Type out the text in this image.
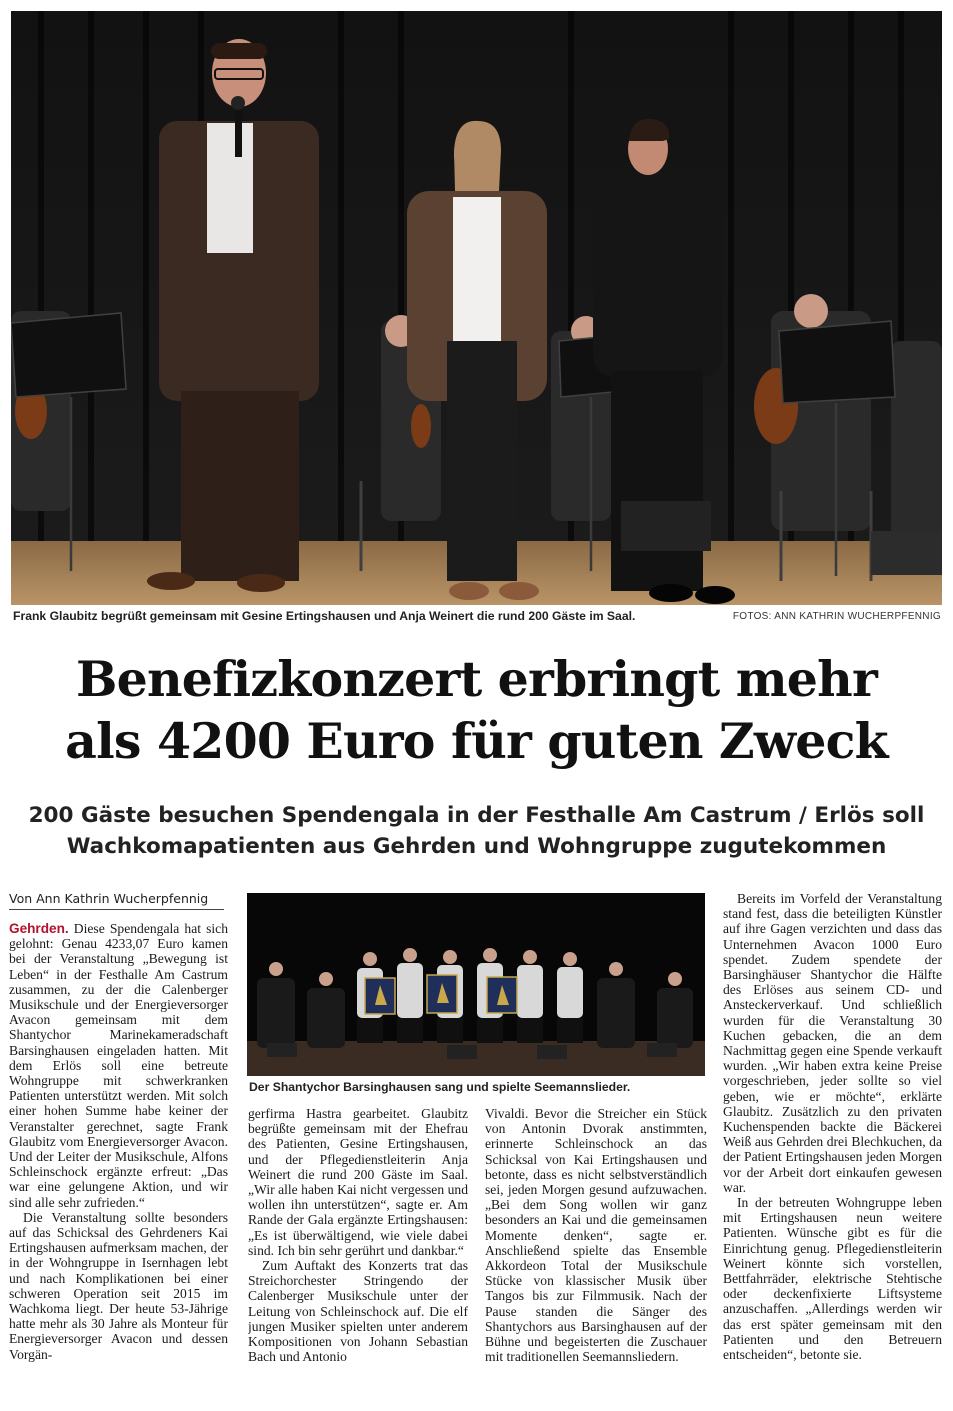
Frank Glaubitz begrüßt gemeinsam mit Gesine Ertingshausen und Anja Weinert die rund 200 Gäste im Saal.	FOTOS: ANN KATHRIN WUCHERPFENNIG
Benefizkonzert erbringt mehr
als 4200 Euro für guten Zweck
200 Gäste besuchen Spendengala in der Festhalle Am Castrum / Erlös soll
Wachkomapatienten aus Gehrden und Wohngruppe zugutekommen
Von Ann Kathrin Wucherpfennig

Gehrden. Diese Spendengala hat sich gelohnt: Genau 4233,07 Euro kamen bei der Veranstaltung „Bewegung ist Leben“ in der Festhalle Am Castrum zusammen, zu der die Calenberger Musikschule und der Energieversorger Avacon gemeinsam mit dem Shantychor Marinekameradschaft Barsinghausen eingeladen hatten. Mit dem Erlös soll eine betreute Wohngruppe mit schwerkranken Patienten unterstützt werden. Mit solch einer hohen Summe habe keiner der Veranstalter gerechnet, sagte Frank Glaubitz vom Energieversorger Avacon. Und der Leiter der Musikschule, Alfons Schleinschock ergänzte erfreut: „Das war eine gelungene Aktion, und wir sind alle sehr zufrieden.“

Die Veranstaltung sollte besonders auf das Schicksal des Gehrdeners Kai Ertingshausen aufmerksam machen, der in der Wohngruppe in Isernhagen lebt und nach Komplikationen bei einer schweren Operation seit 2015 im Wachkoma liegt. Der heute 53-Jährige hatte mehr als 30 Jahre als Monteur für Energieversorger Avacon und dessen Vorgän-

Der Shantychor Barsinghausen sang und spielte Seemannslieder.

gerfirma Hastra gearbeitet. Glaubitz begrüßte gemeinsam mit der Ehefrau des Patienten, Gesine Ertingshausen, und der Pflegedienstleiterin Anja Weinert die rund 200 Gäste im Saal. „Wir alle haben Kai nicht vergessen und wollen ihn unterstützen“, sagte er. Am Rande der Gala ergänzte Ertingshausen: „Es ist überwältigend, wie viele dabei sind. Ich bin sehr gerührt und dankbar.“

Zum Auftakt des Konzerts trat das Streichorchester Stringendo der Calenberger Musikschule unter der Leitung von Schleinschock auf. Die elf jungen Musiker spielten unter anderem Kompositionen von Johann Sebastian Bach und Antonio

Vivaldi. Bevor die Streicher ein Stück von Antonin Dvorak anstimmten, erinnerte Schleinschock an das Schicksal von Kai Ertingshausen und betonte, dass es nicht selbstverständlich sei, jeden Morgen gesund aufzuwachen. „Bei dem Song wollen wir ganz besonders an Kai und die gemeinsamen Momente denken“, sagte er. Anschließend spielte das Ensemble Akkordeon Total der Musikschule Stücke von klassischer Musik über Tangos bis zur Filmmusik. Nach der Pause standen die Sänger des Shantychors aus Barsinghausen auf der Bühne und begeisterten die Zuschauer mit traditionellen Seemannsliedern.

Bereits im Vorfeld der Veranstaltung stand fest, dass die beteiligten Künstler auf ihre Gagen verzichten und dass das Unternehmen Avacon 1000 Euro spendet. Zudem spendete der Barsinghäuser Shantychor die Hälfte des Erlöses aus seinem CD- und Ansteckerverkauf. Und schließlich wurden für die Veranstaltung 30 Kuchen gebacken, die an dem Nachmittag gegen eine Spende verkauft wurden. „Wir haben extra keine Preise vorgeschrieben, jeder sollte so viel geben, wie er möchte“, erklärte Glaubitz. Zusätzlich zu den privaten Kuchenspenden backte die Bäckerei Weiß aus Gehrden drei Blechkuchen, da der Patient Ertingshausen jeden Morgen vor der Arbeit dort einkaufen gewesen war.

In der betreuten Wohngruppe leben mit Ertingshausen neun weitere Patienten. Wünsche gibt es für die Einrichtung genug. Pflegedienstleiterin Weinert könnte sich vorstellen, Bettfahrräder, elektrische Stehtische oder deckenfixierte Liftsysteme anzuschaffen. „Allerdings werden wir das erst später gemeinsam mit den Patienten und den Betreuern entscheiden“, betonte sie.
